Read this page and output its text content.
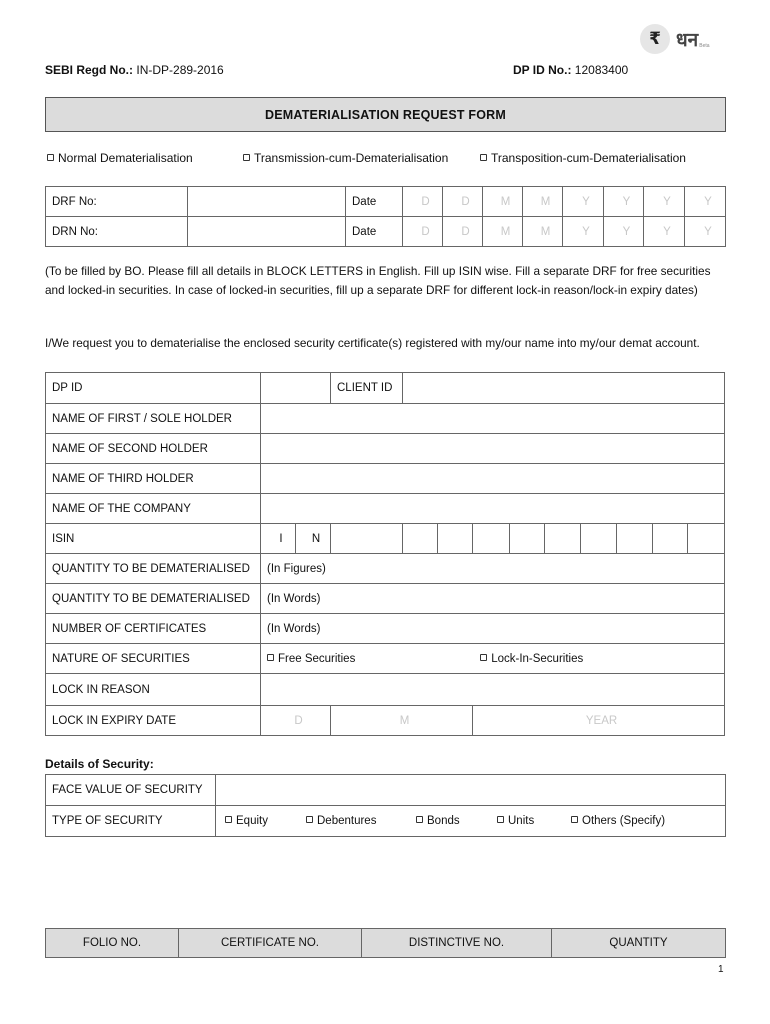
₹ धन Beta
SEBI Regd No.: IN-DP-289-2016	DP ID No.: 12083400
DEMATERIALISATION REQUEST FORM
Normal Dematerialisation	Transmission-cum-Dematerialisation	Transposition-cum-Dematerialisation
DRF No:		Date	D	D	M	M	Y	Y	Y	Y
DRN No:		Date	D	D	M	M	Y	Y	Y	Y
(To be filled by BO. Please fill all details in BLOCK LETTERS in English. Fill up ISIN wise. Fill a separate DRF for free securities and locked-in securities. In case of locked-in securities, fill up a separate DRF for different lock-in reason/lock-in expiry dates)
I/We request you to dematerialise the enclosed security certificate(s) registered with my/our name into my/our demat account.
DP ID			CLIENT ID									
NAME OF FIRST / SOLE HOLDER												
NAME OF SECOND HOLDER												
NAME OF THIRD HOLDER												
NAME OF THE COMPANY												
ISIN	I	N										
QUANTITY TO BE DEMATERIALISED	(In Figures)											
QUANTITY TO BE DEMATERIALISED	(In Words)											
NUMBER OF CERTIFICATES	(In Words)											
NATURE OF SECURITIES	Free Securities Lock-In-Securities											
LOCK IN REASON												
LOCK IN EXPIRY DATE	D		M			YEAR						
Details of Security:
FACE VALUE OF SECURITY	
TYPE OF SECURITY	Equity Debentures Bonds Units Others (Specify)
FOLIO NO.	CERTIFICATE NO.	DISTINCTIVE NO.	QUANTITY
1
